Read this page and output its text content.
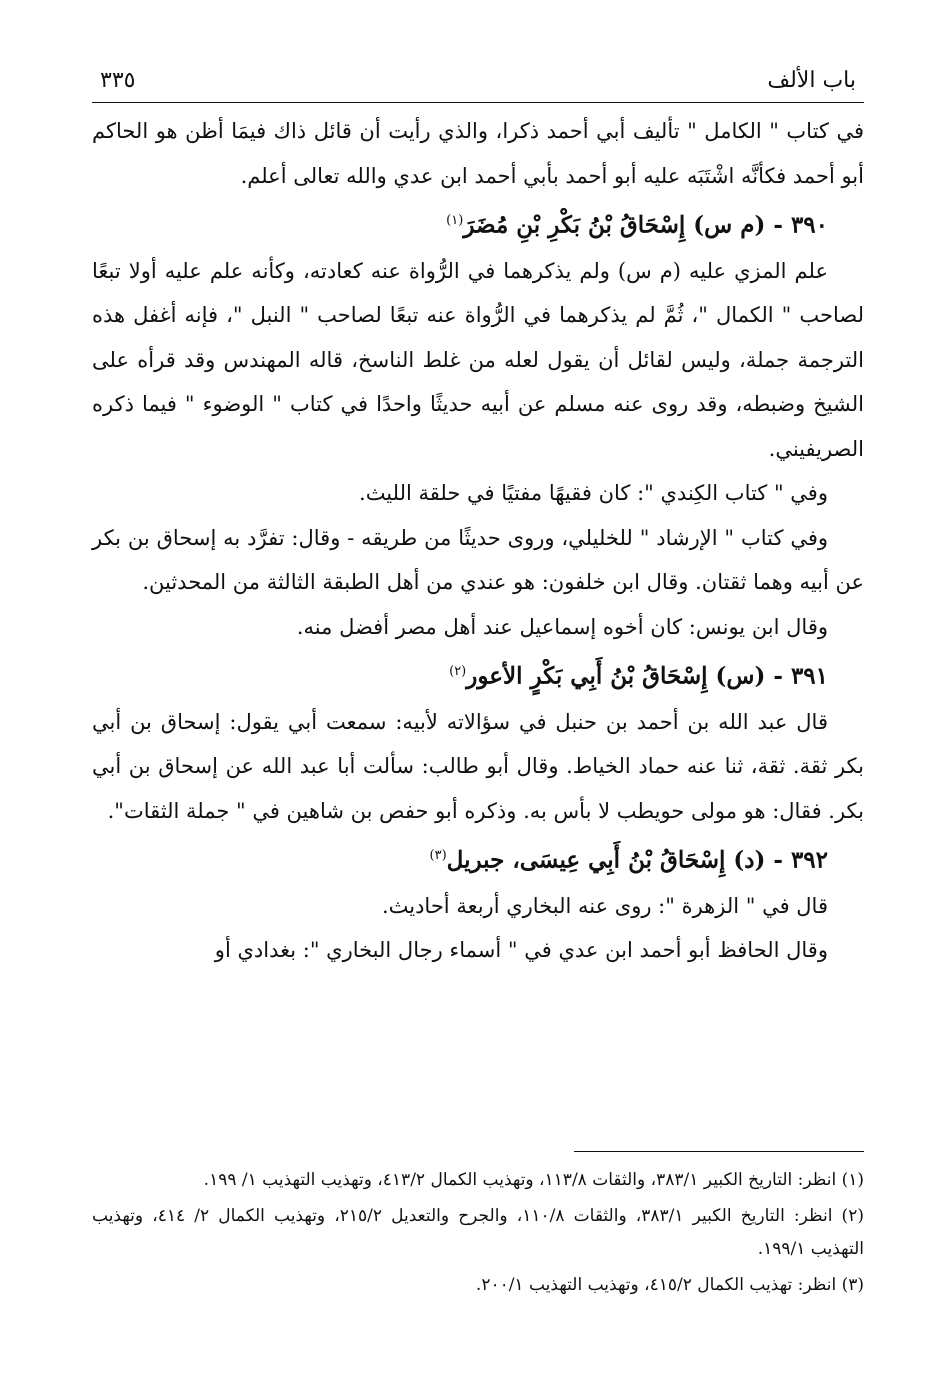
باب الألف
٣٣٥

في كتاب " الكامل " تأليف أبي أحمد ذكرا، والذي رأيت أن قائل ذاك فيمَا أظن هو الحاكم أبو أحمد فكأنَّه اشْتَبَه عليه أبو أحمد بأبي أحمد ابن عدي والله تعالى أعلم.

٣٩٠ - (م س) إِسْحَاقُ بْنُ بَكْرِ بْنِ مُضَرَ$^{(١)}$

علم المزي عليه (م س) ولم يذكرهما في الرُّواة عنه كعادته، وكأنه علم عليه أولا تبعًا لصاحب " الكمال "، ثُمَّ لم يذكرهما في الرُّواة عنه تبعًا لصاحب " النبل "، فإنه أغفل هذه الترجمة جملة، وليس لقائل أن يقول لعله من غلط الناسخ، قاله المهندس وقد قرأه على الشيخ وضبطه، وقد روى عنه مسلم عن أبيه حديثًا واحدًا في كتاب " الوضوء " فيما ذكره الصريفيني.

وفي " كتاب الكِندي ": كان فقيهًا مفتيًا في حلقة الليث.

وفي كتاب " الإرشاد " للخليلي، وروى حديثًا من طريقه - وقال: تفرَّد به إسحاق بن بكر عن أبيه وهما ثقتان. وقال ابن خلفون: هو عندي من أهل الطبقة الثالثة من المحدثين.

وقال ابن يونس: كان أخوه إسماعيل عند أهل مصر أفضل منه.

٣٩١ - (س) إِسْحَاقُ بْنُ أَبِي بَكْرٍ الأعور$^{(٢)}$

قال عبد الله بن أحمد بن حنبل في سؤالاته لأبيه: سمعت أبي يقول: إسحاق بن أبي بكر ثقة. ثقة، ثنا عنه حماد الخياط. وقال أبو طالب: سألت أبا عبد الله عن إسحاق بن أبي بكر. فقال: هو مولى حويطب لا بأس به. وذكره أبو حفص بن شاهين في " جملة الثقات".

٣٩٢ - (د) إِسْحَاقُ بْنُ أَبِي عِيسَى، جبريل$^{(٣)}$

قال في " الزهرة ": روى عنه البخاري أربعة أحاديث.

وقال الحافظ أبو أحمد ابن عدي في " أسماء رجال البخاري ": بغدادي أو

(١) انظر: التاريخ الكبير ٣٨٣/١، والثقات ١١٣/٨، وتهذيب الكمال ٤١٣/٢، وتهذيب التهذيب ١/ ١٩٩.

(٢) انظر: التاريخ الكبير ٣٨٣/١، والثقات ١١٠/٨، والجرح والتعديل ٢١٥/٢، وتهذيب الكمال ٢/ ٤١٤، وتهذيب التهذيب ١٩٩/١.

(٣) انظر: تهذيب الكمال ٤١٥/٢، وتهذيب التهذيب ٢٠٠/١.
